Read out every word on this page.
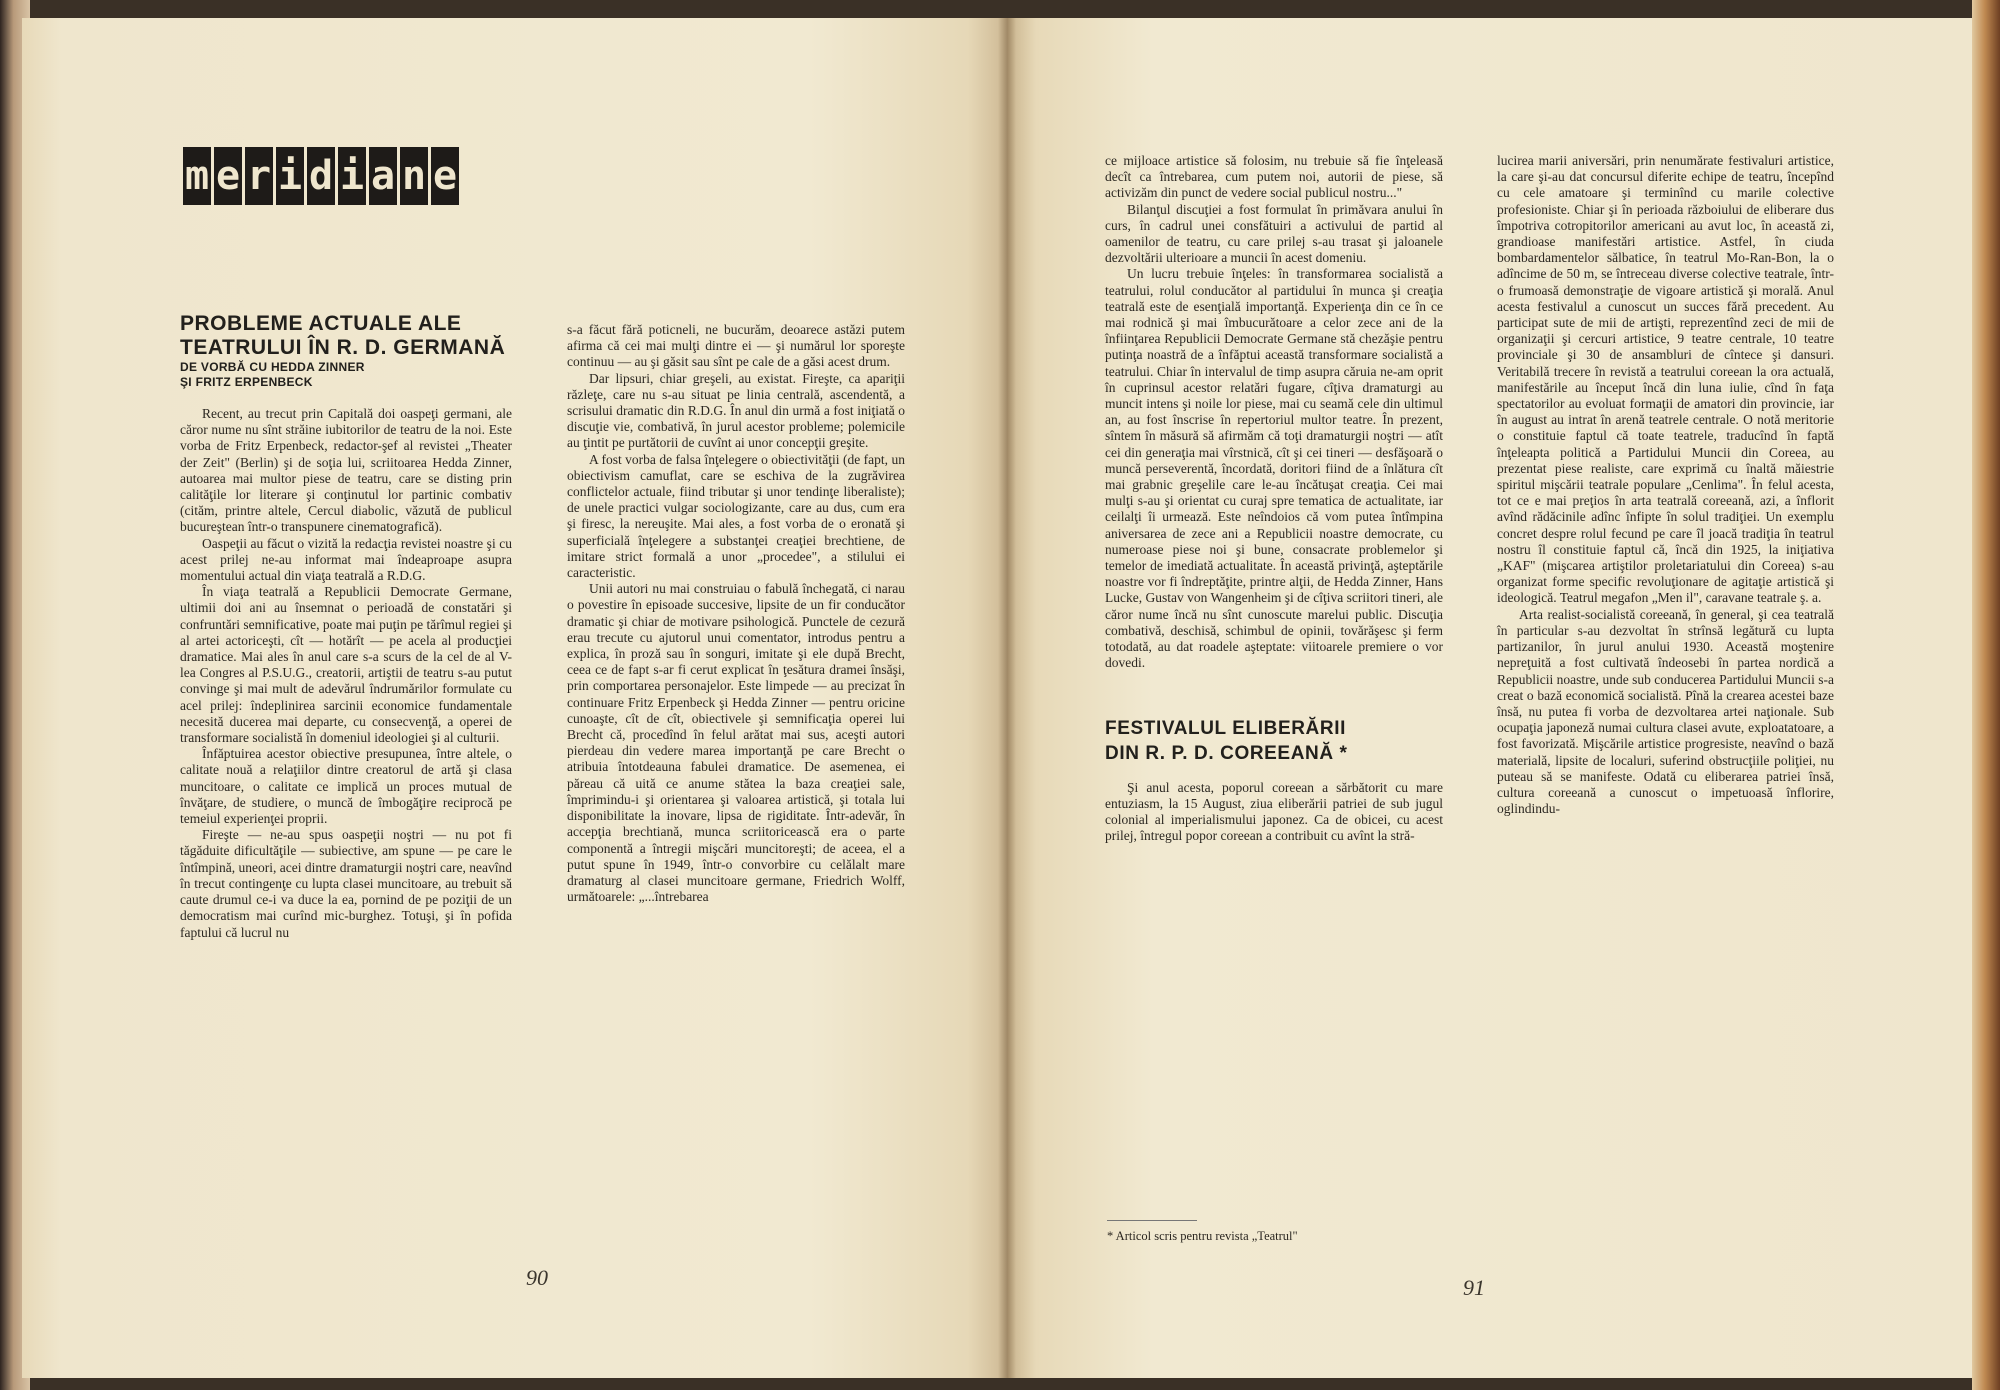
m e r i d i a n e
PROBLEME ACTUALE ALE
TEATRULUI ÎN R. D. GERMANĂ
DE VORBĂ CU HEDDA ZINNER
ŞI FRITZ ERPENBECK

Recent, au trecut prin Capitală doi oaspeţi germani, ale căror nume nu sînt străine iubitorilor de teatru de la noi. Este vorba de Fritz Erpenbeck, redactor-şef al revistei „Theater der Zeit" (Berlin) şi de soţia lui, scriitoarea Hedda Zinner, autoarea mai multor piese de teatru, care se disting prin calităţile lor literare şi conţinutul lor partinic combativ (cităm, printre altele, Cercul diabolic, văzută de publicul bucureştean într-o transpunere cinematografică).

Oaspeţii au făcut o vizită la redacţia revistei noastre şi cu acest prilej ne-au informat mai îndeaproape asupra momentului actual din viaţa teatrală a R.D.G.

În viaţa teatrală a Republicii Democrate Germane, ultimii doi ani au însemnat o perioadă de constatări şi confruntări semnificative, poate mai puţin pe tărîmul regiei şi al artei actoriceşti, cît — hotărît — pe acela al producţiei dramatice. Mai ales în anul care s-a scurs de la cel de al V-lea Congres al P.S.U.G., creatorii, artiştii de teatru s-au putut convinge şi mai mult de adevărul îndrumărilor formulate cu acel prilej: îndeplinirea sarcinii economice fundamentale necesită ducerea mai departe, cu consecvenţă, a operei de transformare socialistă în domeniul ideologiei şi al culturii.

Înfăptuirea acestor obiective presupunea, între altele, o calitate nouă a relaţiilor dintre creatorul de artă şi clasa muncitoare, o calitate ce implică un proces mutual de învăţare, de studiere, o muncă de îmbogăţire reciprocă pe temeiul experienţei proprii.

Fireşte — ne-au spus oaspeţii noştri — nu pot fi tăgăduite dificultăţile — subiective, am spune — pe care le întîmpină, uneori, acei dintre dramaturgii noştri care, neavînd în trecut contingenţe cu lupta clasei muncitoare, au trebuit să caute drumul ce-i va duce la ea, pornind de pe poziţii de un democratism mai curînd mic-burghez. Totuşi, şi în pofida faptului că lucrul nu

s-a făcut fără poticneli, ne bucurăm, deoarece astăzi putem afirma că cei mai mulţi dintre ei — şi numărul lor sporeşte continuu — au şi găsit sau sînt pe cale de a găsi acest drum.

Dar lipsuri, chiar greşeli, au existat. Fireşte, ca apariţii răzleţe, care nu s-au situat pe linia centrală, ascendentă, a scrisului dramatic din R.D.G. În anul din urmă a fost iniţiată o discuţie vie, combativă, în jurul acestor probleme; polemicile au ţintit pe purtătorii de cuvînt ai unor concepţii greşite.

A fost vorba de falsa înţelegere o obiectivităţii (de fapt, un obiectivism camuflat, care se eschiva de la zugrăvirea conflictelor actuale, fiind tributar şi unor tendinţe liberaliste); de unele practici vulgar sociologizante, care au dus, cum era şi firesc, la nereuşite. Mai ales, a fost vorba de o eronată şi superficială înţelegere a substanţei creaţiei brechtiene, de imitare strict formală a unor „procedee", a stilului ei caracteristic.

Unii autori nu mai construiau o fabulă închegată, ci narau o povestire în episoade succesive, lipsite de un fir conducător dramatic şi chiar de motivare psihologică. Punctele de cezură erau trecute cu ajutorul unui comentator, introdus pentru a explica, în proză sau în songuri, imitate şi ele după Brecht, ceea ce de fapt s-ar fi cerut explicat în ţesătura dramei însăşi, prin comportarea personajelor. Este limpede — au precizat în continuare Fritz Erpenbeck şi Hedda Zinner — pentru oricine cunoaşte, cît de cît, obiectivele şi semnificaţia operei lui Brecht că, procedînd în felul arătat mai sus, aceşti autori pierdeau din vedere marea importanţă pe care Brecht o atribuia întotdeauna fabulei dramatice. De asemenea, ei păreau că uită ce anume stătea la baza creaţiei sale, împrimindu-i şi orientarea şi valoarea artistică, şi totala lui disponibilitate la inovare, lipsa de rigiditate. Într-adevăr, în accepţia brechtiană, munca scriitoricească era o parte componentă a întregii mişcări muncitoreşti; de aceea, el a putut spune în 1949, într-o convorbire cu celălalt mare dramaturg al clasei muncitoare germane, Friedrich Wolff, următoarele: „...întrebarea

90

ce mijloace artistice să folosim, nu trebuie să fie înţeleasă decît ca întrebarea, cum putem noi, autorii de piese, să activizăm din punct de vedere social publicul nostru..."

Bilanţul discuţiei a fost formulat în primăvara anului în curs, în cadrul unei consfătuiri a activului de partid al oamenilor de teatru, cu care prilej s-au trasat şi jaloanele dezvoltării ulterioare a muncii în acest domeniu.

Un lucru trebuie înţeles: în transformarea socialistă a teatrului, rolul conducător al partidului în munca şi creaţia teatrală este de esenţială importanţă. Experienţa din ce în ce mai rodnică şi mai îmbucurătoare a celor zece ani de la înfiinţarea Republicii Democrate Germane stă chezăşie pentru putinţa noastră de a înfăptui această transformare socialistă a teatrului. Chiar în intervalul de timp asupra căruia ne-am oprit în cuprinsul acestor relatări fugare, cîţiva dramaturgi au muncit intens şi noile lor piese, mai cu seamă cele din ultimul an, au fost înscrise în repertoriul multor teatre. În prezent, sîntem în măsură să afirmăm că toţi dramaturgii noştri — atît cei din generaţia mai vîrstnică, cît şi cei tineri — desfăşoară o muncă perseverentă, încordată, doritori fiind de a înlătura cît mai grabnic greşelile care le-au încătuşat creaţia. Cei mai mulţi s-au şi orientat cu curaj spre tematica de actualitate, iar ceilalţi îi urmează. Este neîndoios că vom putea întîmpina aniversarea de zece ani a Republicii noastre democrate, cu numeroase piese noi şi bune, consacrate problemelor şi temelor de imediată actualitate. În această privinţă, aşteptările noastre vor fi îndreptăţite, printre alţii, de Hedda Zinner, Hans Lucke, Gustav von Wangenheim şi de cîţiva scriitori tineri, ale căror nume încă nu sînt cunoscute marelui public. Discuţia combativă, deschisă, schimbul de opinii, tovărăşesc şi ferm totodată, au dat roadele aşteptate: viitoarele premiere o vor dovedi.

FESTIVALUL ELIBERĂRII
DIN R. P. D. COREEANĂ *

Şi anul acesta, poporul coreean a sărbătorit cu mare entuziasm, la 15 August, ziua eliberării patriei de sub jugul colonial al imperialismului japonez. Ca de obicei, cu acest prilej, întregul popor coreean a contribuit cu avînt la stră-

* Articol scris pentru revista „Teatrul"

lucirea marii aniversări, prin nenumărate festivaluri artistice, la care şi-au dat concursul diferite echipe de teatru, începînd cu cele amatoare şi terminînd cu marile colective profesioniste. Chiar şi în perioada războiului de eliberare dus împotriva cotropitorilor americani au avut loc, în această zi, grandioase manifestări artistice. Astfel, în ciuda bombardamentelor sălbatice, în teatrul Mo-Ran-Bon, la o adîncime de 50 m, se întreceau diverse colective teatrale, într-o frumoasă demonstraţie de vigoare artistică şi morală. Anul acesta festivalul a cunoscut un succes fără precedent. Au participat sute de mii de artişti, reprezentînd zeci de mii de organizaţii şi cercuri artistice, 9 teatre centrale, 10 teatre provinciale şi 30 de ansambluri de cîntece şi dansuri. Veritabilă trecere în revistă a teatrului coreean la ora actuală, manifestările au început încă din luna iulie, cînd în faţa spectatorilor au evoluat formaţii de amatori din provincie, iar în august au intrat în arenă teatrele centrale. O notă meritorie o constituie faptul că toate teatrele, traducînd în faptă înţeleapta politică a Partidului Muncii din Coreea, au prezentat piese realiste, care exprimă cu înaltă măiestrie spiritul mişcării teatrale populare „Cenlima". În felul acesta, tot ce e mai preţios în arta teatrală coreeană, azi, a înflorit avînd rădăcinile adînc înfipte în solul tradiţiei. Un exemplu concret despre rolul fecund pe care îl joacă tradiţia în teatrul nostru îl constituie faptul că, încă din 1925, la iniţiativa „KAF" (mişcarea artiştilor proletariatului din Coreea) s-au organizat forme specific revoluţionare de agitaţie artistică şi ideologică. Teatrul megafon „Men il", caravane teatrale ş. a.

Arta realist-socialistă coreeană, în general, şi cea teatrală în particular s-au dezvoltat în strînsă legătură cu lupta partizanilor, în jurul anului 1930. Această moştenire nepreţuită a fost cultivată îndeosebi în partea nordică a Republicii noastre, unde sub conducerea Partidului Muncii s-a creat o bază economică socialistă. Pînă la crearea acestei baze însă, nu putea fi vorba de dezvoltarea artei naţionale. Sub ocupaţia japoneză numai cultura clasei avute, exploatatoare, a fost favorizată. Mişcările artistice progresiste, neavînd o bază materială, lipsite de localuri, suferind obstrucţiile poliţiei, nu puteau să se manifeste. Odată cu eliberarea patriei însă, cultura coreeană a cunoscut o impetuoasă înflorire, oglindindu-

91
